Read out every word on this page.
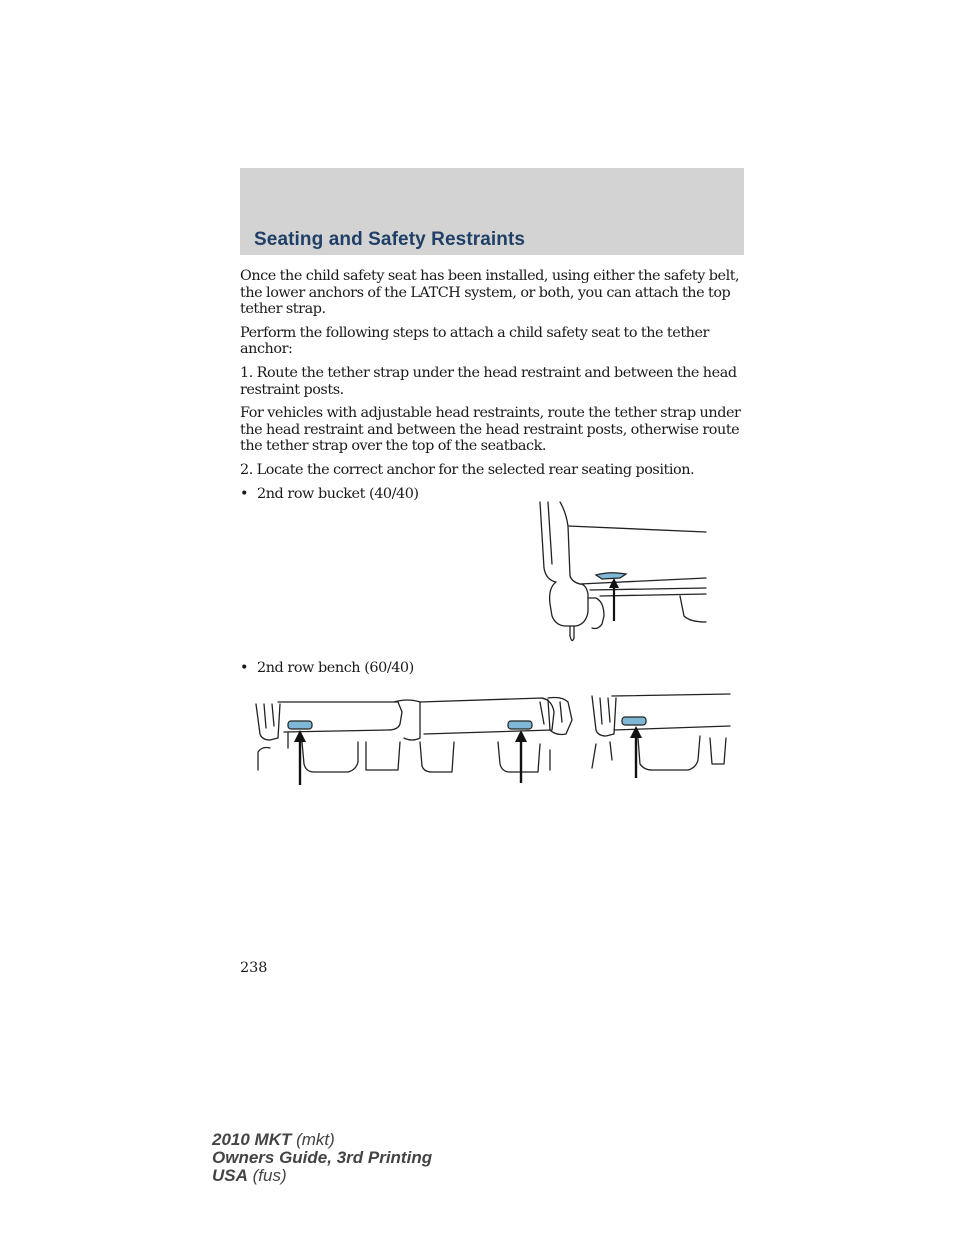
Seating and Safety Restraints

Once the child safety seat has been installed, using either the safety belt, the lower anchors of the LATCH system, or both, you can attach the top tether strap.

Perform the following steps to attach a child safety seat to the tether anchor:

1. Route the tether strap under the head restraint and between the head restraint posts.

For vehicles with adjustable head restraints, route the tether strap under the head restraint and between the head restraint posts, otherwise route the tether strap over the top of the seatback.

2. Locate the correct anchor for the selected rear seating position.

• 2nd row bucket (40/40)
• 2nd row bench (60/40)
238
2010 MKT (mkt)
Owners Guide, 3rd Printing
USA (fus)
